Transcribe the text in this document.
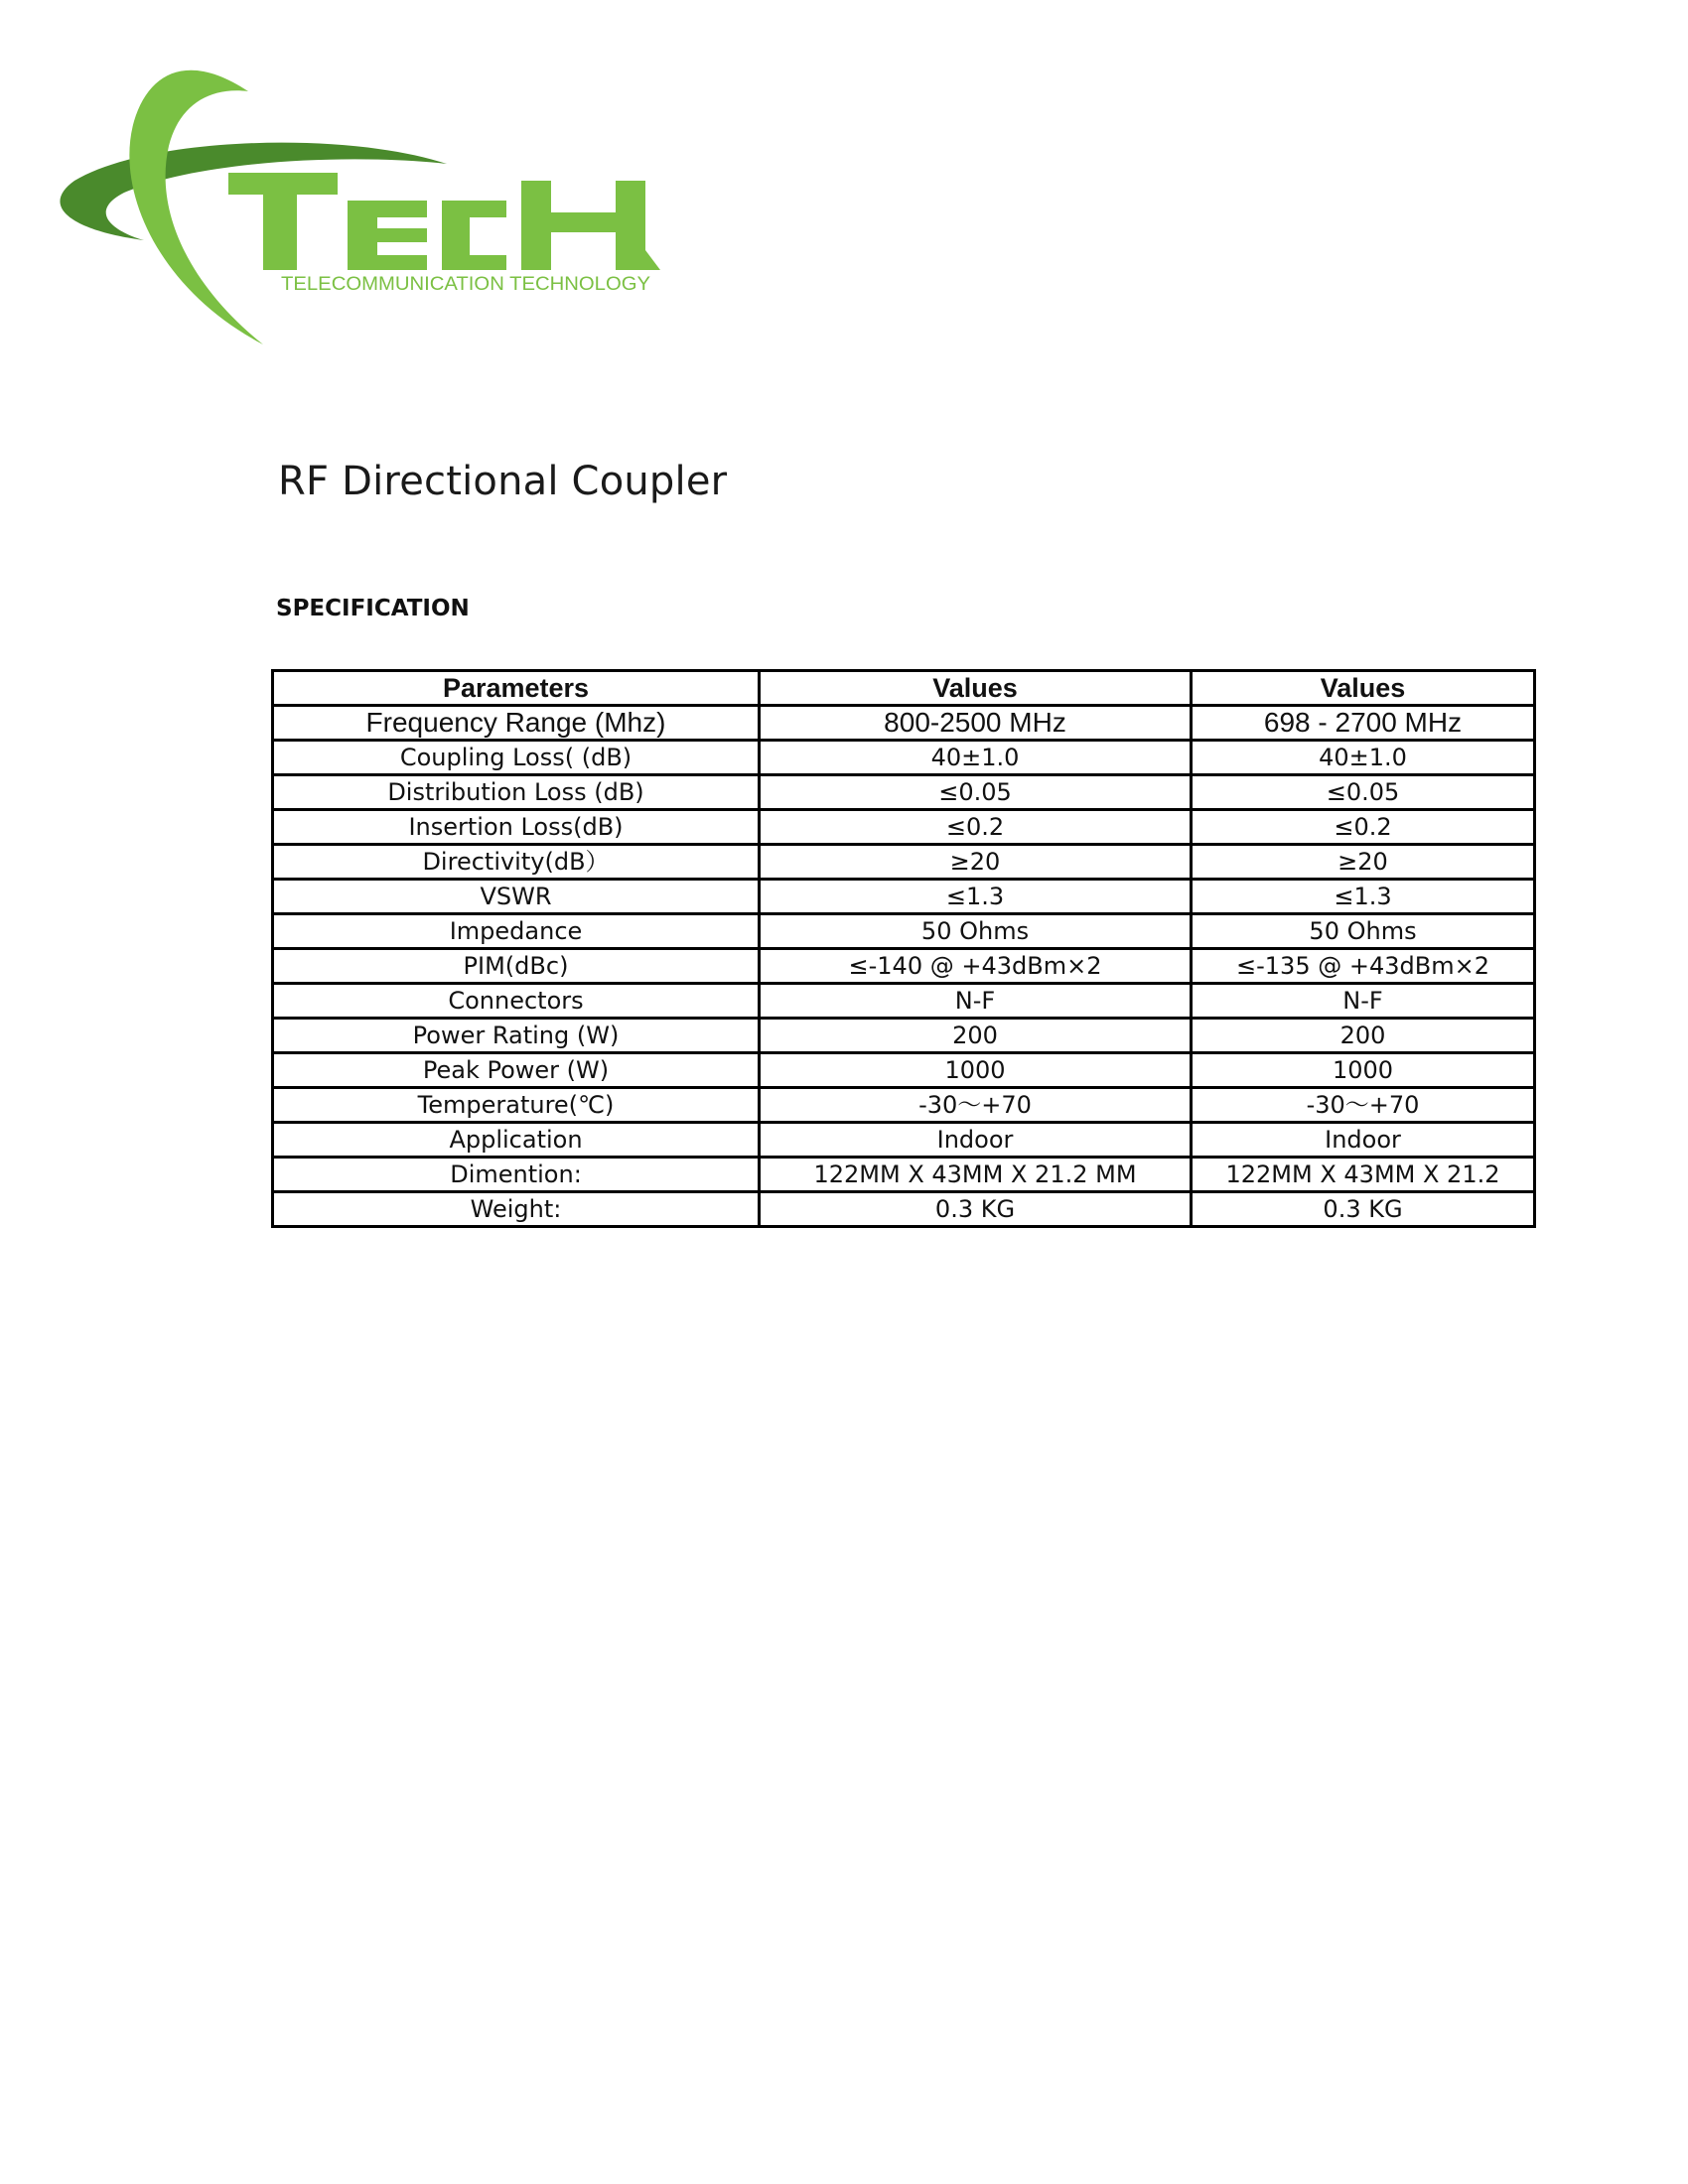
TELECOMMUNICATION TECHNOLOGY
RF Directional Coupler
SPECIFICATION
Parameters	Values	Values
Frequency Range (Mhz)	800-2500 MHz	698 - 2700 MHz
Coupling Loss( (dB)	40±1.0	40±1.0
Distribution Loss (dB)	≤0.05	≤0.05
Insertion Loss(dB)	≤0.2	≤0.2
Directivity(dB）	≥20	≥20
VSWR	≤1.3	≤1.3
Impedance	50 Ohms	50 Ohms
PIM(dBc)	≤-140 @ +43dBm×2	≤-135 @ +43dBm×2
Connectors	N-F	N-F
Power Rating (W)	200	200
Peak Power (W)	1000	1000
Temperature(℃)	-30～+70	-30～+70
Application	Indoor	Indoor
Dimention:	122MM X 43MM X 21.2 MM	122MM X 43MM X 21.2
Weight:	0.3 KG	0.3 KG
